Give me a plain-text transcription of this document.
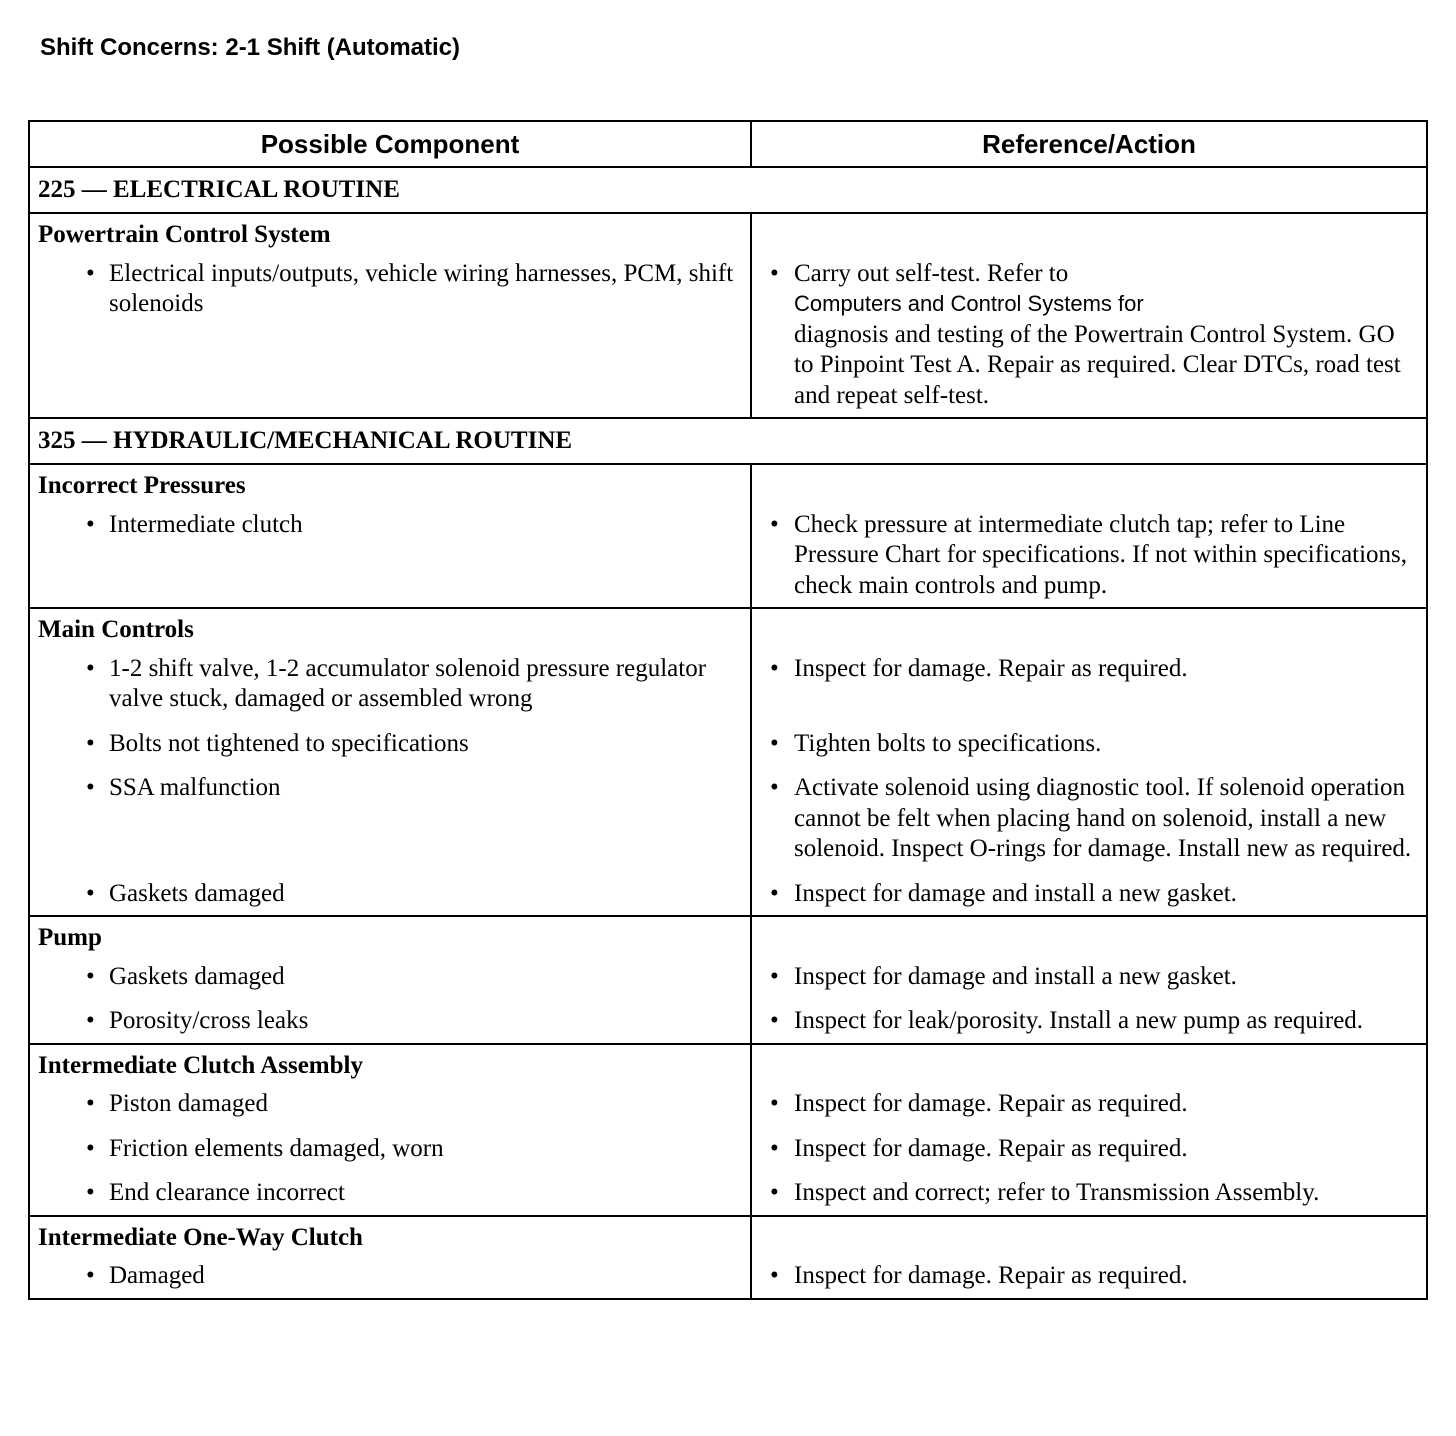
Shift Concerns: 2-1 Shift (Automatic)
Possible Component	Reference/Action
225 — ELECTRICAL ROUTINE	
Powertrain Control System	

• Electrical inputs/outputs, vehicle wiring harnesses, PCM, shift solenoids	• Carry out self-test. Refer to
Computers and Control Systems for
diagnosis and testing of the Powertrain Control System. GO to Pinpoint Test A. Repair as required. Clear DTCs, road test and repeat self-test.

325 — HYDRAULIC/MECHANICAL ROUTINE	
Incorrect Pressures	

• Intermediate clutch	• Check pressure at intermediate clutch tap; refer to Line Pressure Chart for specifications. If not within specifications, check main controls and pump.

Main Controls	

• 1-2 shift valve, 1-2 accumulator solenoid pressure regulator valve stuck, damaged or assembled wrong	• Inspect for damage. Repair as required.

• Bolts not tightened to specifications	• Tighten bolts to specifications.

• SSA malfunction	• Activate solenoid using diagnostic tool. If solenoid operation cannot be felt when placing hand on solenoid, install a new solenoid. Inspect O-rings for damage. Install new as required.

• Gaskets damaged	• Inspect for damage and install a new gasket.

Pump	

• Gaskets damaged	• Inspect for damage and install a new gasket.

• Porosity/cross leaks	• Inspect for leak/porosity. Install a new pump as required.

Intermediate Clutch Assembly	

• Piston damaged	• Inspect for damage. Repair as required.

• Friction elements damaged, worn	• Inspect for damage. Repair as required.

• End clearance incorrect	• Inspect and correct; refer to Transmission Assembly.

Intermediate One-Way Clutch	

• Damaged	• Inspect for damage. Repair as required.
